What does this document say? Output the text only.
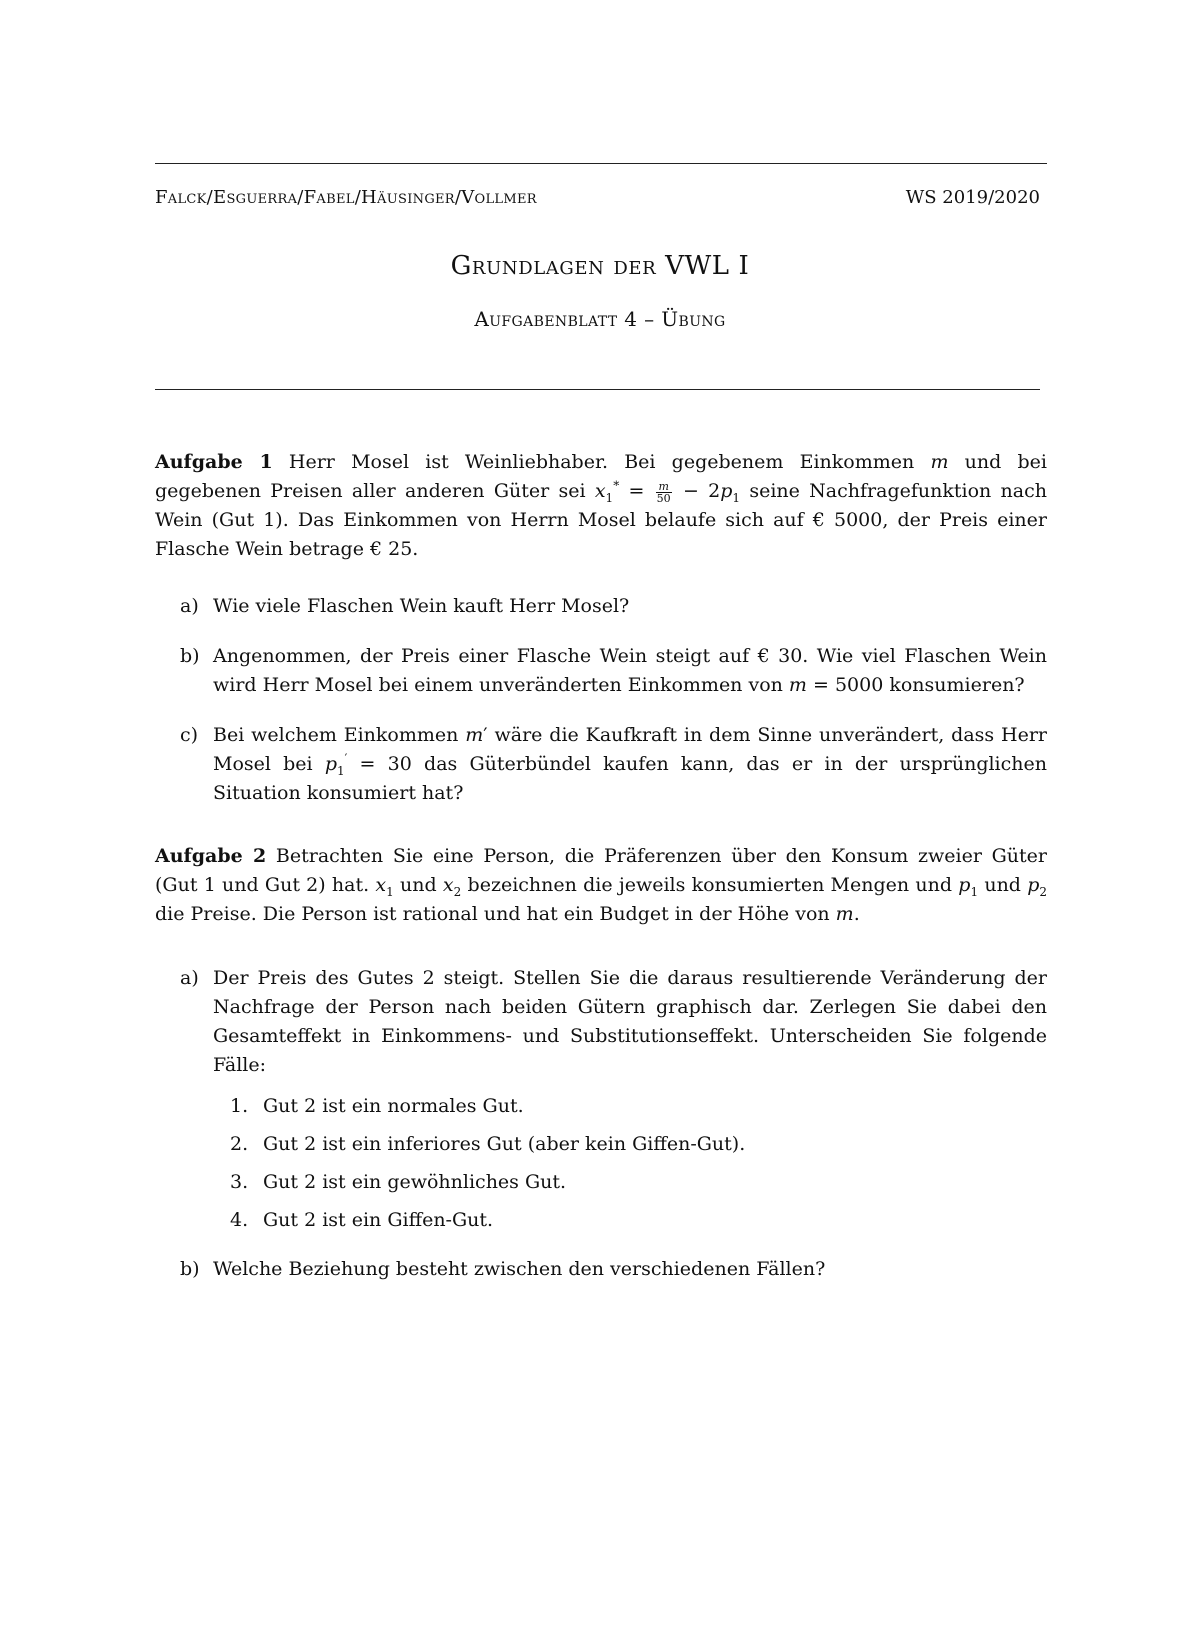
Falck/Esguerra/Fabel/Häusinger/Vollmer	WS 2019/2020
Grundlagen der VWL I
Aufgabenblatt 4 – Übung
Aufgabe 1 Herr Mosel ist Weinliebhaber. Bei gegebenem Einkommen m und bei gegebenen Preisen aller anderen Güter sei $x_1^* = \frac{m}{50} - 2p_1$ seine Nachfragefunktion nach Wein (Gut 1). Das Einkommen von Herrn Mosel belaufe sich auf € 5000, der Preis einer Flasche Wein betrage € 25.
a) Wie viele Flaschen Wein kauft Herr Mosel?
b) Angenommen, der Preis einer Flasche Wein steigt auf € 30. Wie viel Flaschen Wein wird Herr Mosel bei einem unveränderten Einkommen von m = 5000 konsumieren?
c) Bei welchem Einkommen m′ wäre die Kaufkraft in dem Sinne unverändert, dass Herr Mosel bei $p_1' = 30$ das Güterbündel kaufen kann, das er in der ursprünglichen Situation konsumiert hat?
Aufgabe 2 Betrachten Sie eine Person, die Präferenzen über den Konsum zweier Güter (Gut 1 und Gut 2) hat. $x_1$ und $x_2$ bezeichnen die jeweils konsumierten Mengen und $p_1$ und $p_2$ die Preise. Die Person ist rational und hat ein Budget in der Höhe von m.
a) Der Preis des Gutes 2 steigt. Stellen Sie die daraus resultierende Veränderung der Nachfrage der Person nach beiden Gütern graphisch dar. Zerlegen Sie dabei den Gesamteffekt in Einkommens- und Substitutionseffekt. Unterscheiden Sie folgende Fälle:
1. Gut 2 ist ein normales Gut.
2. Gut 2 ist ein inferiores Gut (aber kein Giffen-Gut).
3. Gut 2 ist ein gewöhnliches Gut.
4. Gut 2 ist ein Giffen-Gut.
b) Welche Beziehung besteht zwischen den verschiedenen Fällen?
